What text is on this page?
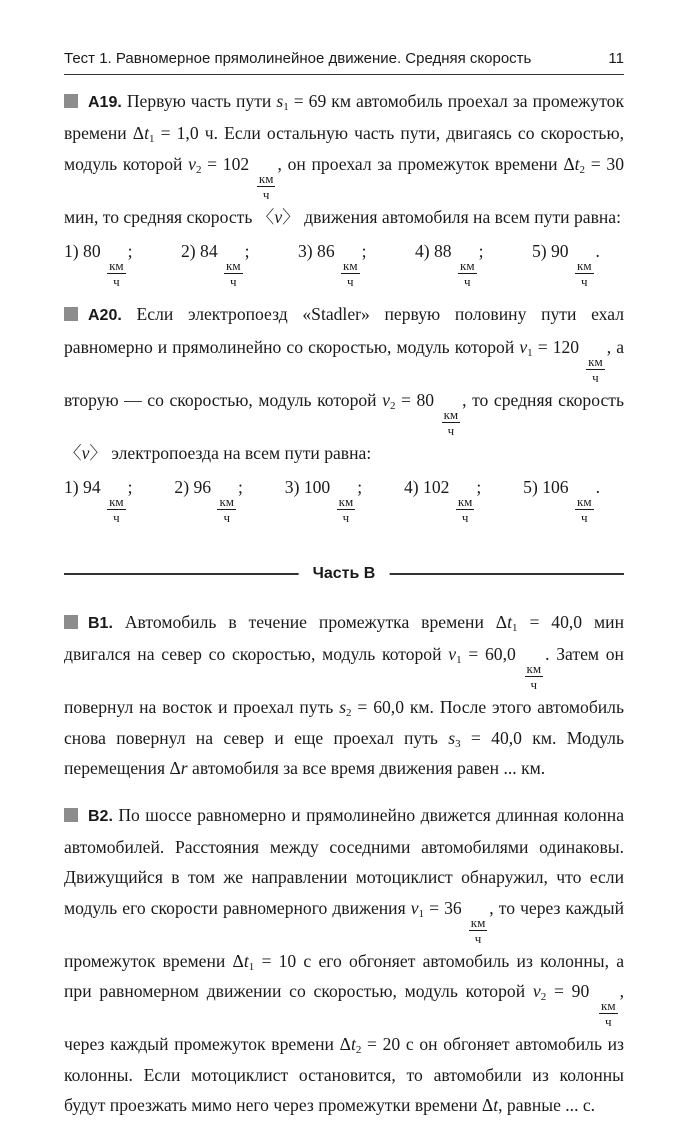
Тест 1. Равномерное прямолинейное движение. Средняя скорость	11

А19. Первую часть пути $s_1 = 69$ км автомобиль проехал за промежуток времени $\Delta t_1 = 1,0$ ч. Если остальную часть пути, двигаясь со скоростью, модуль которой $v_2 = 102$
$\frac{км}{ч}$
, он проехал за промежуток времени $\Delta t_2 = 30$ мин, то средняя скорость 〈v〉 движения автомобиля на всем пути равна:

1) 80
$\frac{км}{ч}$
;	2) 84
$\frac{км}{ч}$
;	3) 86
$\frac{км}{ч}$
;	4) 88
$\frac{км}{ч}$
;	5) 90
$\frac{км}{ч}$
.

А20. Если электропоезд «Stadler» первую половину пути ехал равномерно и прямолинейно со скоростью, модуль которой $v_1 = 120$
$\frac{км}{ч}$
, а вторую — со скоростью, модуль которой $v_2 = 80$
$\frac{км}{ч}$
, то средняя скорость 〈v〉 электропоезда на всем пути равна:

1) 94
$\frac{км}{ч}$
; 2) 96
$\frac{км}{ч}$
; 3) 100
$\frac{км}{ч}$
; 4) 102
$\frac{км}{ч}$
; 5) 106
$\frac{км}{ч}$
.
Часть В

В1. Автомобиль в течение промежутка времени $\Delta t_1 = 40,0$ мин двигался на север со скоростью, модуль которой $v_1 = 60,0$
$\frac{км}{ч}$
. Затем он повернул на восток и проехал путь $s_2 = 60,0$ км. После этого автомобиль снова повернул на север и еще проехал путь $s_3 = 40,0$ км. Модуль перемещения Δr автомобиля за все время движения равен ... км.

В2. По шоссе равномерно и прямолинейно движется длинная колонна автомобилей. Расстояния между соседними автомобилями одинаковы. Движущийся в том же направлении мотоциклист обнаружил, что если модуль его скорости равномерного движения $v_1 = 36$
$\frac{км}{ч}$
, то через каждый промежуток времени $\Delta t_1 = 10$ с его обгоняет автомобиль из колонны, а при равномерном движении со скоростью, модуль которой $v_2 = 90$
$\frac{км}{ч}$
, через каждый промежуток времени $\Delta t_2 = 20$ с он обгоняет автомобиль из колонны. Если мотоциклист остановится, то автомобили из колонны будут проезжать мимо него через промежутки времени Δt, равные ... с.
